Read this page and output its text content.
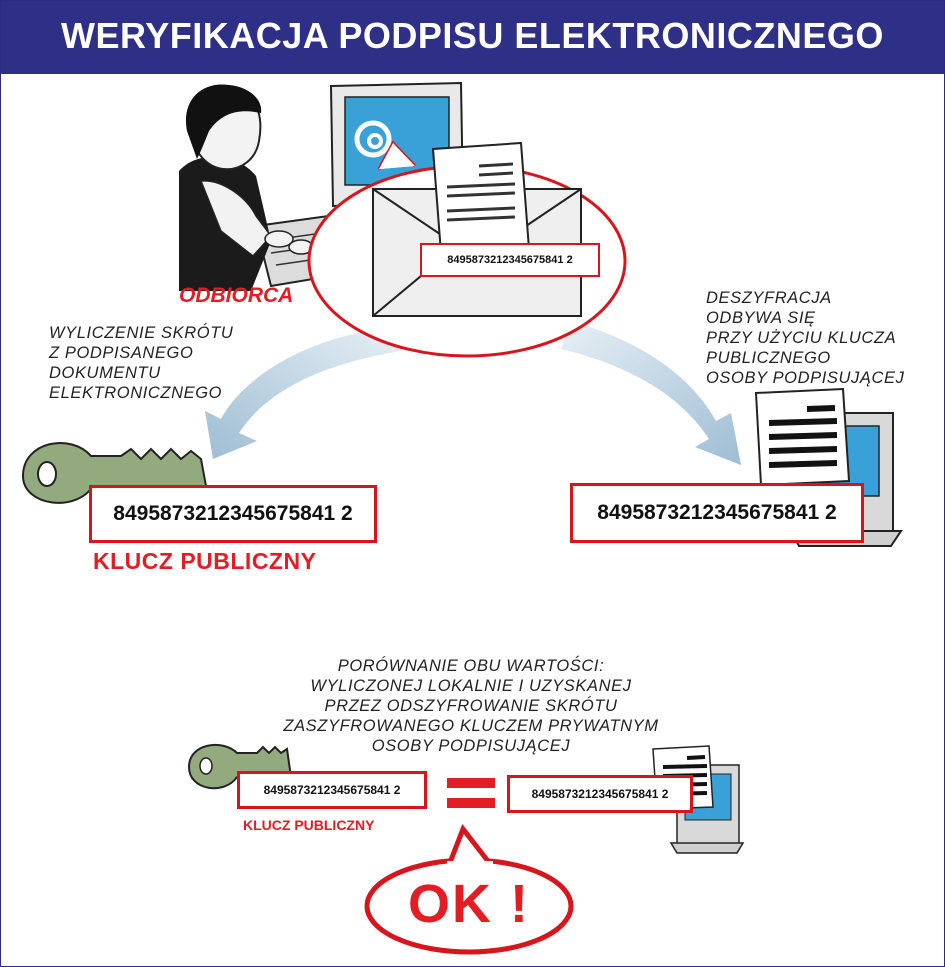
WERYFIKACJA PODPISU ELEKTRONICZNEGO
ODBIORCA
8495873212345675841 2
WYLICZENIE SKRÓTU
Z PODPISANEGO
DOKUMENTU
ELEKTRONICZNEGO
DESZYFRACJA
ODBYWA SIĘ
PRZY UŻYCIU KLUCZA
PUBLICZNEGO
OSOBY PODPISUJĄCEJ
8495873212345675841 2
KLUCZ PUBLICZNY
8495873212345675841 2
PORÓWNANIE OBU WARTOŚCI:
WYLICZONEJ LOKALNIE I UZYSKANEJ
PRZEZ ODSZYFROWANIE SKRÓTU
ZASZYFROWANEGO KLUCZEM PRYWATNYM
OSOBY PODPISUJĄCEJ
8495873212345675841 2
KLUCZ PUBLICZNY
8495873212345675841 2
OK !
